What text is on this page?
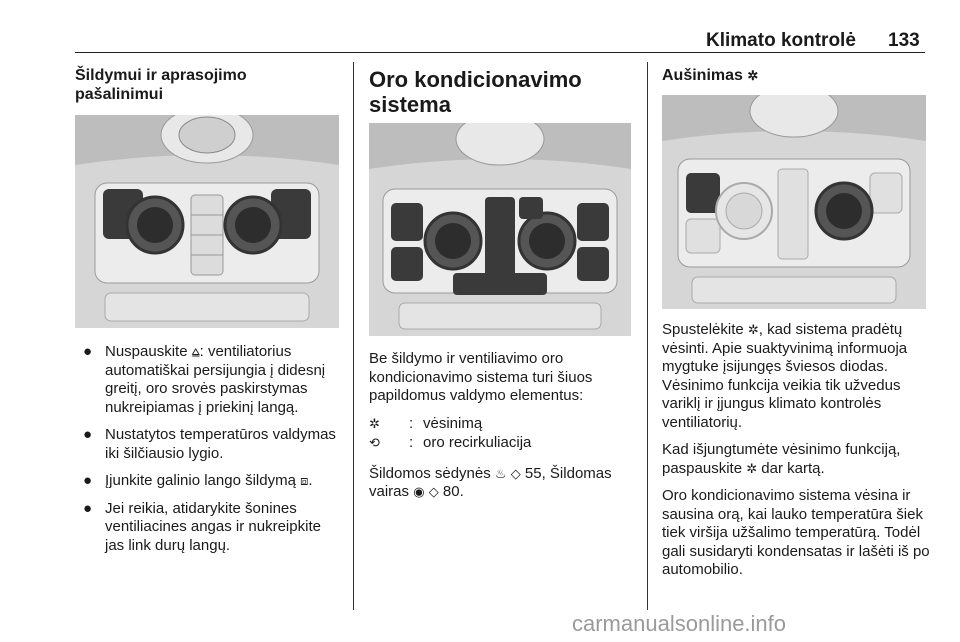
Klimato kontrolė 133
Šildymui ir aprasojimo
pašalinimui
● Nuspauskite ⩠: ventiliatorius automatiškai persijungia į didesnį greitį, oro srovės paskirstymas nukreipiamas į priekinį langą.
● Nustatytos temperatūros valdymas iki šilčiausio lygio.
● Įjunkite galinio lango šildymą ⧈.
● Jei reikia, atidarykite šonines ventiliacines angas ir nukreipkite jas link durų langų.
Oro kondicionavimo
sistema

Be šildymo ir ventiliavimo oro kondicionavimo sistema turi šiuos papildomus valdymo elementus:

✲	: vėsinimą
⟲	: oro recirkuliacija

Šildomos sėdynės ♨ ◇ 55, Šildomas vairas ◉ ◇ 80.

Aušinimas ✲

Spustelėkite ✲, kad sistema pradėtų vėsinti. Apie suaktyvinimą informuoja mygtuke įsijungęs šviesos diodas. Vėsinimo funkcija veikia tik užvedus variklį ir įjungus klimato kontrolės ventiliatorių.

Kad išjungtumėte vėsinimo funkciją, paspauskite ✲ dar kartą.

Oro kondicionavimo sistema vėsina ir sausina orą, kai lauko temperatūra šiek tiek viršija užšalimo temperatūrą. Todėl gali susidaryti kondensatas ir lašėti iš po automobilio.

carmanualsonline.info
